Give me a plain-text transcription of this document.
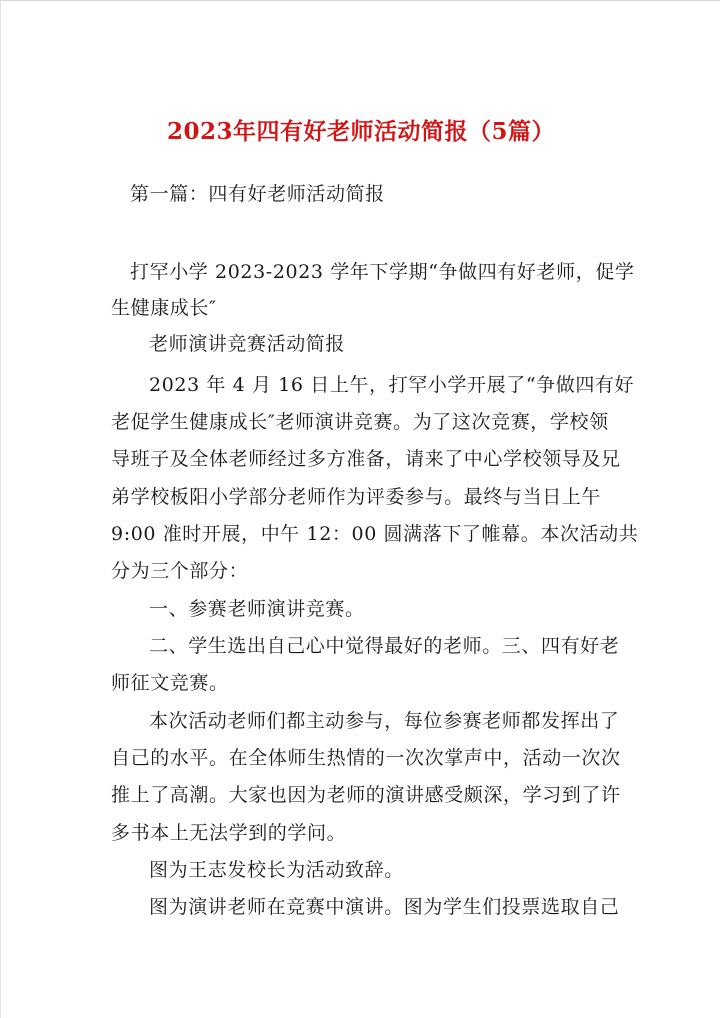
2023年四有好老师活动简报（5篇）
第一篇：四有好老师活动简报
打罕小学 2023-2023 学年下学期“争做四有好老师，促学
生健康成长″
老师演讲竞赛活动简报
2023 年 4 月 16 日上午，打罕小学开展了“争做四有好
老促学生健康成长″老师演讲竞赛。为了这次竞赛，学校领
导班子及全体老师经过多方准备，请来了中心学校领导及兄
弟学校板阳小学部分老师作为评委参与。最终与当日上午
9:00 准时开展，中午 12：00 圆满落下了帷幕。本次活动共
分为三个部分：
一、参赛老师演讲竞赛。
二、学生选出自己心中觉得最好的老师。三、四有好老
师征文竞赛。
本次活动老师们都主动参与，每位参赛老师都发挥出了
自己的水平。在全体师生热情的一次次掌声中，活动一次次
推上了高潮。大家也因为老师的演讲感受颇深，学习到了许
多书本上无法学到的学问。
图为王志发校长为活动致辞。
图为演讲老师在竞赛中演讲。图为学生们投票选取自己
